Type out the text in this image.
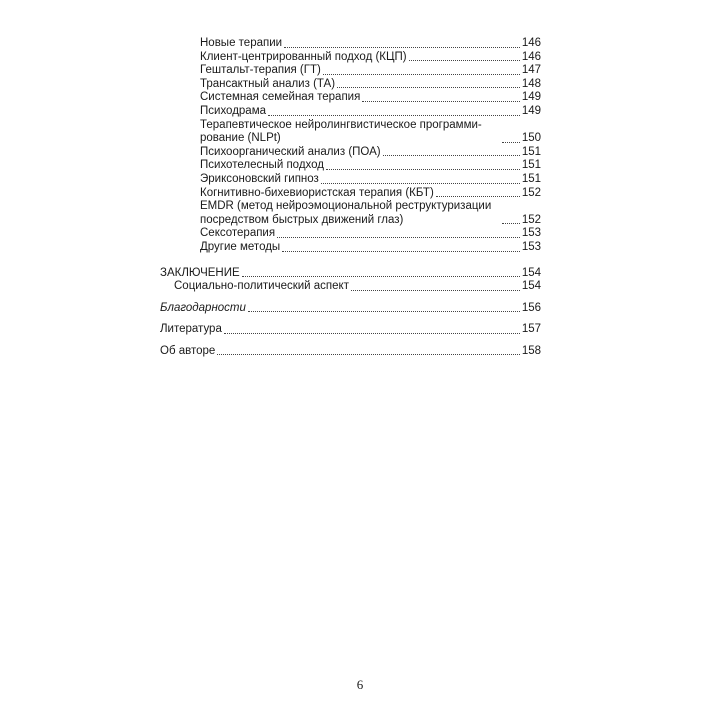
Новые терапии	146
Клиент-центрированный подход (КЦП)	146
Гештальт-терапия (ГТ)	147
Трансактный анализ (ТА)	148
Системная семейная терапия	149
Психодрама	149
Терапевтическое нейролингвистическое программи-рование (NLPt)	150
Психоорганический анализ (ПОА)	151
Психотелесный подход	151
Эриксоновский гипноз	151
Когнитивно-бихевиористская терапия (КБТ)	152
EMDR (метод нейроэмоциональной реструктуризации посредством быстрых движений глаз)	152
Сексотерапия	153
Другие методы	153
ЗАКЛЮЧЕНИЕ	154
Социально-политический аспект	154
Благодарности	156
Литература	157
Об авторе	158
6
